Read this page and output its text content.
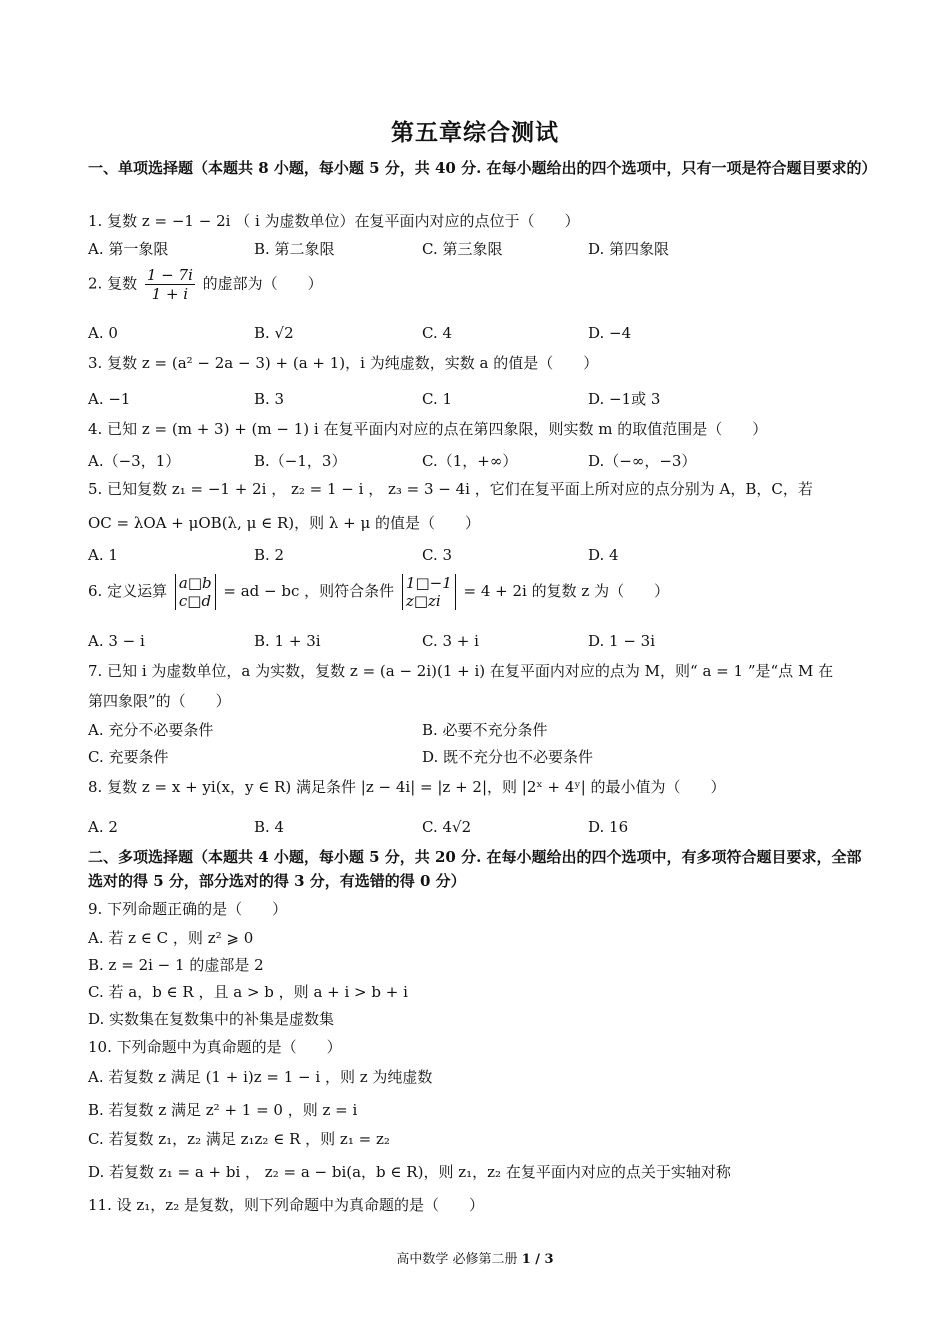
第五章综合测试
一、单项选择题（本题共 8 小题，每小题 5 分，共 40 分. 在每小题给出的四个选项中，只有一项是符合题目要求的）
1. 复数 z = −1 − 2i （ i 为虚数单位）在复平面内对应的点位于（　　）
A. 第一象限	B. 第二象限	C. 第三象限	D. 第四象限
2. 复数 $\frac{1 - 7i}{1 + i}$ 的虚部为（　　）
A. 0	B. √2	C. 4	D. −4
3. 复数 z = (a² − 2a − 3) + (a + 1)，i 为纯虚数，实数 a 的值是（　　）
A. −1	B. 3	C. 1	D. −1或 3
4. 已知 z = (m + 3) + (m − 1) i 在复平面内对应的点在第四象限，则实数 m 的取值范围是（　　）
A.（−3，1）	B.（−1，3）	C.（1，+∞）	D.（−∞，−3）
5. 已知复数 z₁ = −1 + 2i ， z₂ = 1 − i ， z₃ = 3 − 4i ，它们在复平面上所对应的点分别为 A，B，C，若
OC = λOA + μOB(λ, μ ∈ R)，则 λ + μ 的值是（　　）
A. 1	B. 2	C. 3	D. 4
6. 定义运算 a□b
c□d
= ad − bc ，则符合条件 1□−1
z□zi
= 4 + 2i 的复数 z 为（　　）
A. 3 − i	B. 1 + 3i	C. 3 + i	D. 1 − 3i
7. 已知 i 为虚数单位，a 为实数，复数 z = (a − 2i)(1 + i) 在复平面内对应的点为 M，则“ a = 1 ”是“点 M 在
第四象限”的（　　）
A. 充分不必要条件	B. 必要不充分条件
C. 充要条件	D. 既不充分也不必要条件
8. 复数 z = x + yi(x，y ∈ R) 满足条件 |z − 4i| = |z + 2|，则 |2ˣ + 4ʸ| 的最小值为（　　）
A. 2	B. 4	C. 4√2	D. 16
二、多项选择题（本题共 4 小题，每小题 5 分，共 20 分. 在每小题给出的四个选项中，有多项符合题目要求，全部选对的得 5 分，部分选对的得 3 分，有选错的得 0 分）
9. 下列命题正确的是（　　）
A. 若 z ∈ C ，则 z² ⩾ 0
B. z = 2i − 1 的虚部是 2
C. 若 a，b ∈ R ，且 a > b ，则 a + i > b + i
D. 实数集在复数集中的补集是虚数集
10. 下列命题中为真命题的是（　　）
A. 若复数 z 满足 (1 + i)z = 1 − i ，则 z 为纯虚数
B. 若复数 z 满足 z² + 1 = 0 ，则 z = i
C. 若复数 z₁，z₂ 满足 z₁z₂ ∈ R ，则 z₁ = z₂
D. 若复数 z₁ = a + bi ， z₂ = a − bi(a，b ∈ R)，则 z₁，z₂ 在复平面内对应的点关于实轴对称
11. 设 z₁，z₂ 是复数，则下列命题中为真命题的是（　　）
高中数学 必修第二册 1 / 3
